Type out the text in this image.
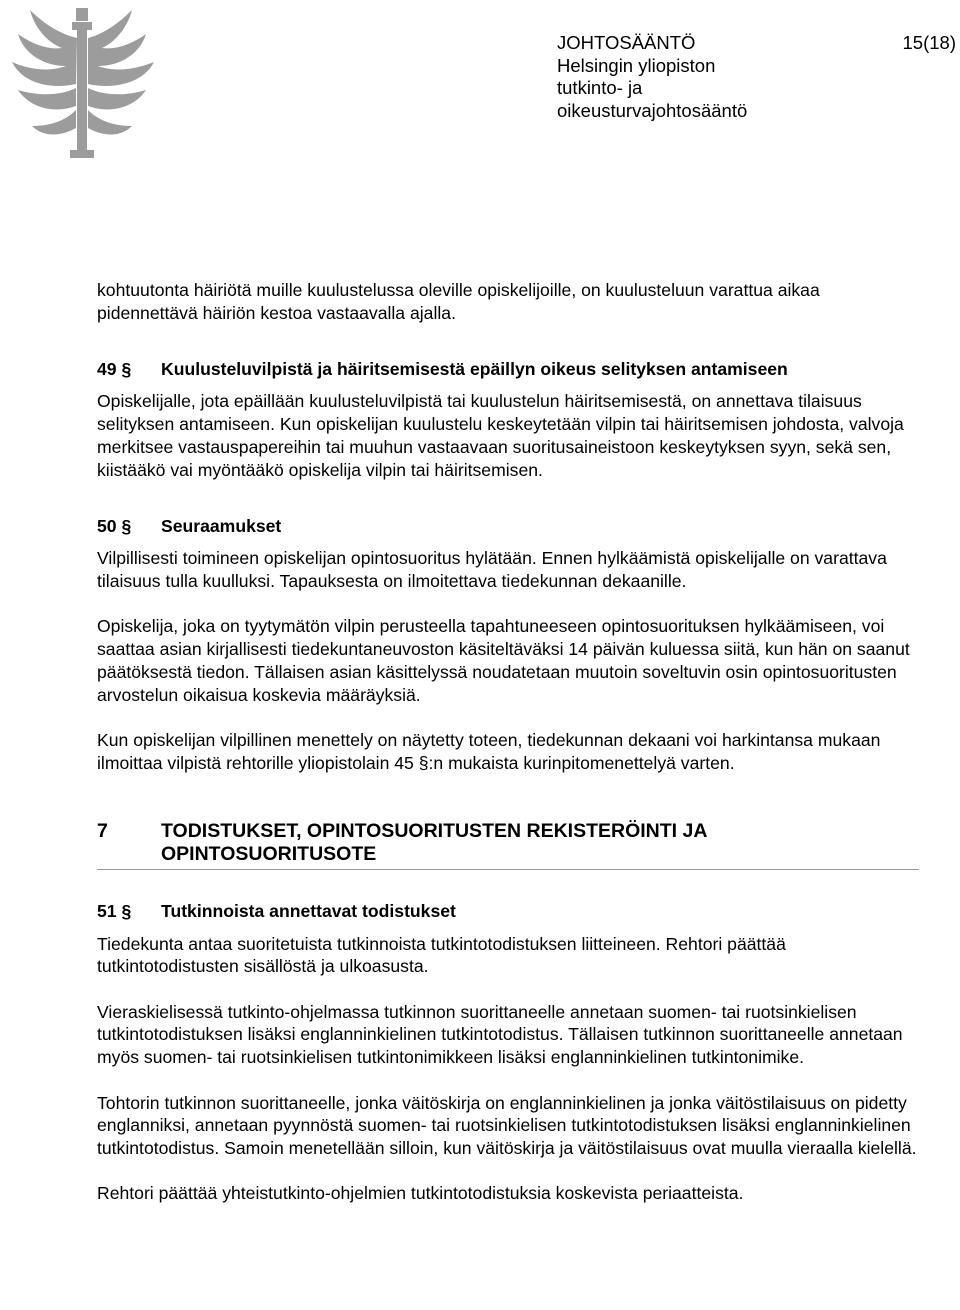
JOHTOSÄÄNTÖ
Helsingin yliopiston
tutkinto- ja
oikeusturvajohtosääntö
15(18)

kohtuutonta häiriötä muille kuulustelussa oleville opiskelijoille, on kuulusteluun varattua aikaa pidennettävä häiriön kestoa vastaavalla ajalla.

49 §	Kuulusteluvilpistä ja häiritsemisestä epäillyn oikeus selityksen antamiseen

Opiskelijalle, jota epäillään kuulusteluvilpistä tai kuulustelun häiritsemisestä, on annettava tilaisuus selityksen antamiseen. Kun opiskelijan kuulustelu keskeytetään vilpin tai häiritsemisen johdosta, valvoja merkitsee vastauspapereihin tai muuhun vastaavaan suoritusaineistoon keskeytyksen syyn, sekä sen, kiistääkö vai myöntääkö opiskelija vilpin tai häiritsemisen.

50 §	Seuraamukset

Vilpillisesti toimineen opiskelijan opintosuoritus hylätään. Ennen hylkäämistä opiskelijalle on varattava tilaisuus tulla kuulluksi. Tapauksesta on ilmoitettava tiedekunnan dekaanille.

Opiskelija, joka on tyytymätön vilpin perusteella tapahtuneeseen opintosuorituksen hylkäämiseen, voi saattaa asian kirjallisesti tiedekuntaneuvoston käsiteltäväksi 14 päivän kuluessa siitä, kun hän on saanut päätöksestä tiedon. Tällaisen asian käsittelyssä noudatetaan muutoin soveltuvin osin opintosuoritusten arvostelun oikaisua koskevia määräyksiä.

Kun opiskelijan vilpillinen menettely on näytetty toteen, tiedekunnan dekaani voi harkintansa mukaan ilmoittaa vilpistä rehtorille yliopistolain 45 §:n mukaista kurinpitomenettelyä varten.

7	TODISTUKSET, OPINTOSUORITUSTEN REKISTERÖINTI JA OPINTOSUORITUSOTE
51 §	Tutkinnoista annettavat todistukset

Tiedekunta antaa suoritetuista tutkinnoista tutkintotodistuksen liitteineen. Rehtori päättää tutkintotodistusten sisällöstä ja ulkoasusta.

Vieraskielisessä tutkinto-ohjelmassa tutkinnon suorittaneelle annetaan suomen- tai ruotsinkielisen tutkintotodistuksen lisäksi englanninkielinen tutkintotodistus. Tällaisen tutkinnon suorittaneelle annetaan myös suomen- tai ruotsinkielisen tutkintonimikkeen lisäksi englanninkielinen tutkintonimike.

Tohtorin tutkinnon suorittaneelle, jonka väitöskirja on englanninkielinen ja jonka väitöstilaisuus on pidetty englanniksi, annetaan pyynnöstä suomen- tai ruotsinkielisen tutkintotodistuksen lisäksi englanninkielinen tutkintotodistus. Samoin menetellään silloin, kun väitöskirja ja väitöstilaisuus ovat muulla vieraalla kielellä.

Rehtori päättää yhteistutkinto-ohjelmien tutkintotodistuksia koskevista periaatteista.
